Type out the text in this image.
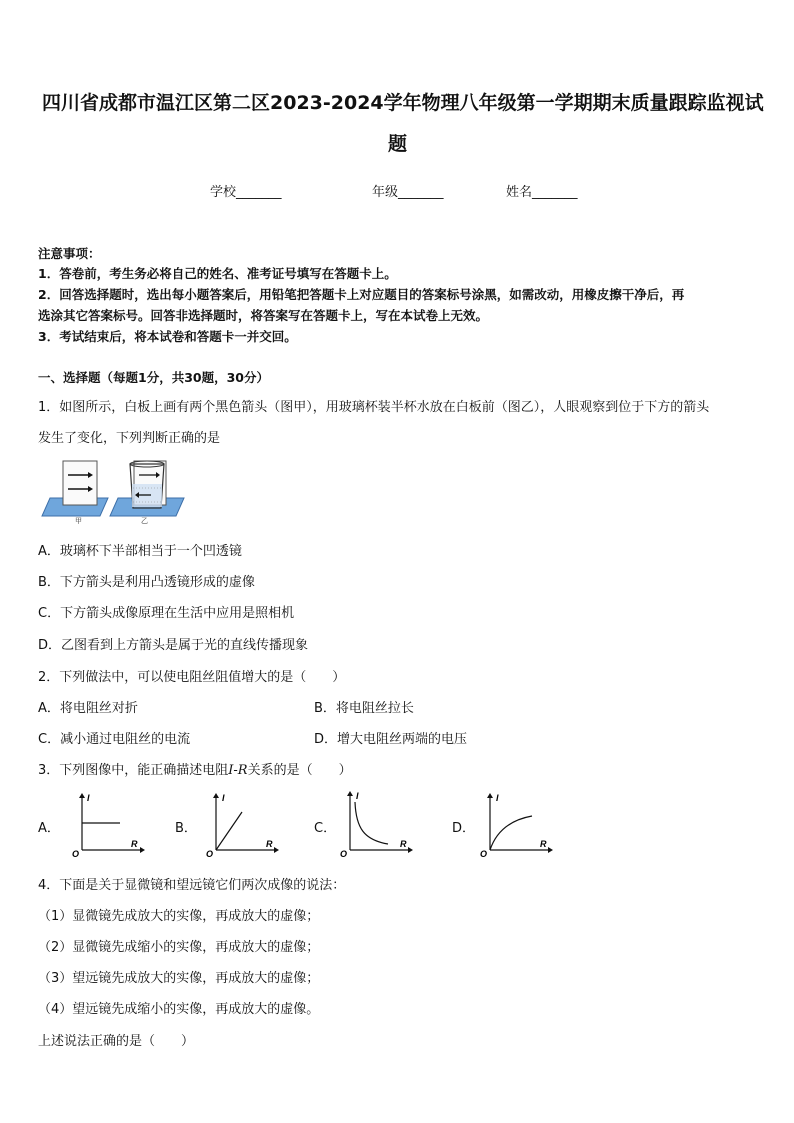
四川省成都市温江区第二区2023-2024学年物理八年级第一学期期末质量跟踪监视试
题
学校_______	年级_______	姓名_______
注意事项：
1．答卷前，考生务必将自己的姓名、准考证号填写在答题卡上。
2．回答选择题时，选出每小题答案后，用铅笔把答题卡上对应题目的答案标号涂黑，如需改动，用橡皮擦干净后，再
选涂其它答案标号。回答非选择题时，将答案写在答题卡上，写在本试卷上无效。
3．考试结束后，将本试卷和答题卡一并交回。
一、选择题（每题1分，共30题，30分）
1．如图所示，白板上画有两个黑色箭头（图甲），用玻璃杯装半杯水放在白板前（图乙），人眼观察到位于下方的箭头
发生了变化，下列判断正确的是
甲	乙
A．玻璃杯下半部相当于一个凹透镜
B．下方箭头是利用凸透镜形成的虚像
C．下方箭头成像原理在生活中应用是照相机
D．乙图看到上方箭头是属于光的直线传播现象
2．下列做法中，可以使电阻丝阻值增大的是（　　）
A．将电阻丝对折	B．将电阻丝拉长
C．减小通过电阻丝的电流	D．增大电阻丝两端的电压
3．下列图像中，能正确描述电阻I-R关系的是（　　）
A．	B．	C．	D．
I
R
O
I
R
O
I
R
O
I
R
O
4．下面是关于显微镜和望远镜它们两次成像的说法：
（1）显微镜先成放大的实像，再成放大的虚像；
（2）显微镜先成缩小的实像，再成放大的虚像；
（3）望远镜先成放大的实像，再成放大的虚像；
（4）望远镜先成缩小的实像，再成放大的虚像。
上述说法正确的是（　　）
